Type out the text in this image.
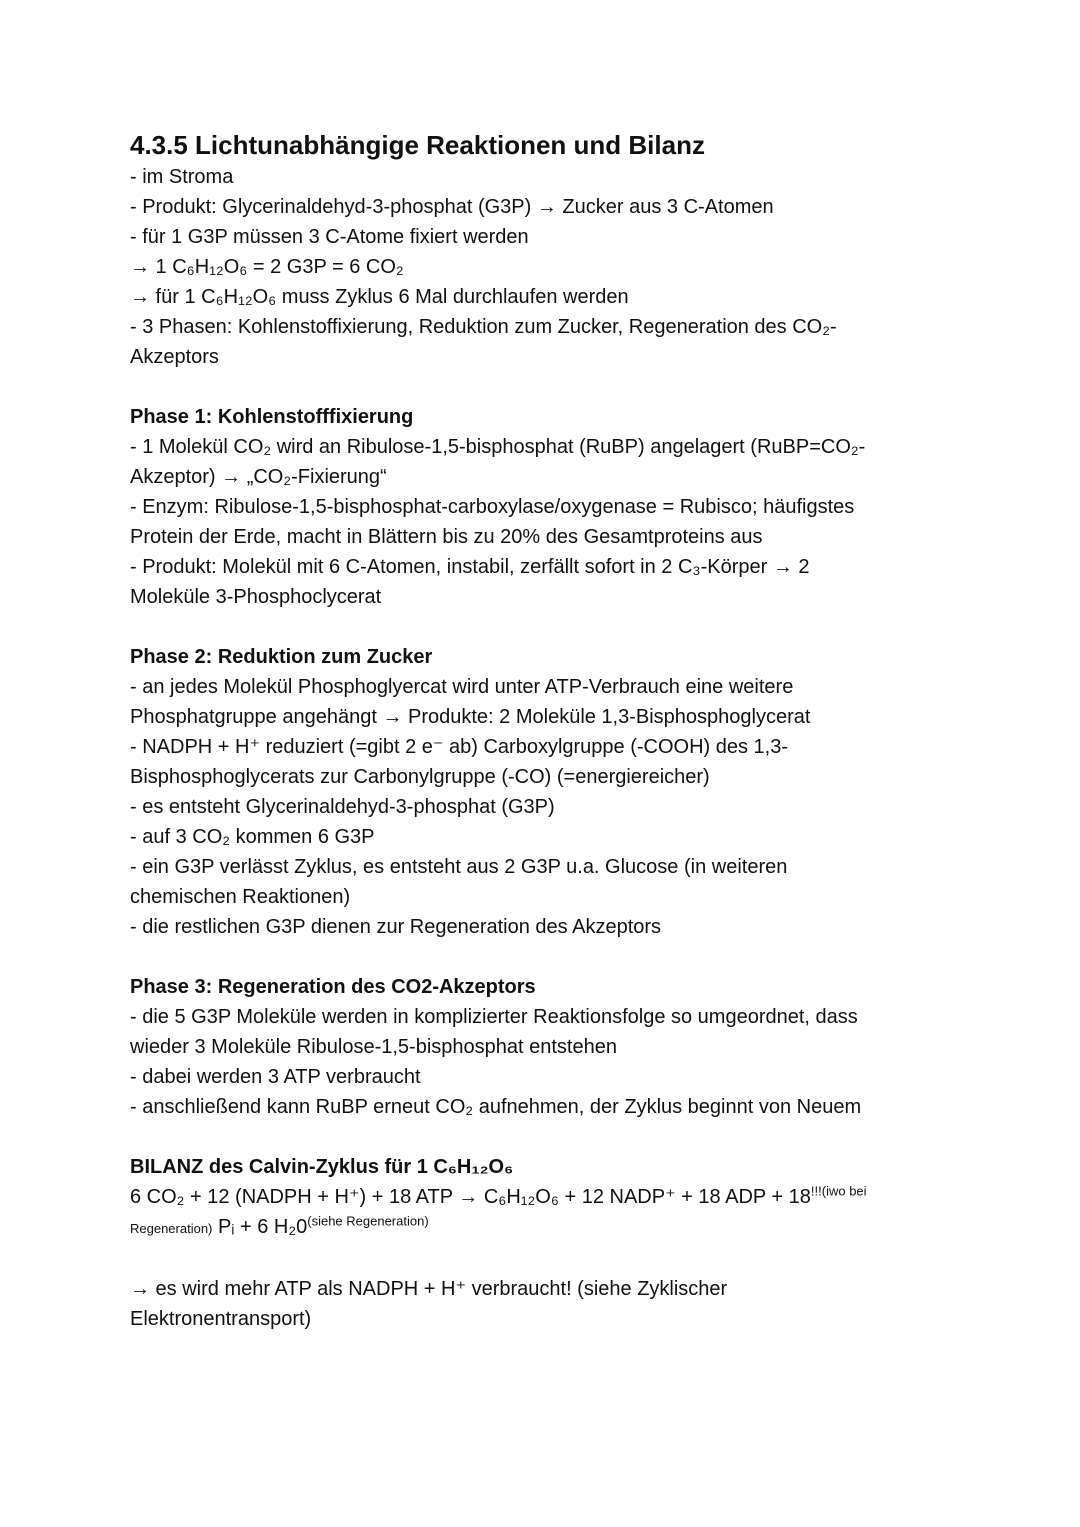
4.3.5 Lichtunabhängige Reaktionen und Bilanz
- im Stroma
- Produkt: Glycerinaldehyd-3-phosphat (G3P) → Zucker aus 3 C-Atomen
- für 1 G3P müssen 3 C-Atome fixiert werden
→ 1 C₆H₁₂O₆ = 2 G3P = 6 CO₂
→ für 1 C₆H₁₂O₆ muss Zyklus 6 Mal durchlaufen werden
- 3 Phasen: Kohlenstoffixierung, Reduktion zum Zucker, Regeneration des CO₂-
Akzeptors
Phase 1: Kohlenstofffixierung
- 1 Molekül CO₂ wird an Ribulose-1,5-bisphosphat (RuBP) angelagert (RuBP=CO₂-
Akzeptor) → „CO₂-Fixierung“
- Enzym: Ribulose-1,5-bisphosphat-carboxylase/oxygenase = Rubisco; häufigstes
Protein der Erde, macht in Blättern bis zu 20% des Gesamtproteins aus
- Produkt: Molekül mit 6 C-Atomen, instabil, zerfällt sofort in 2 C₃-Körper → 2
Moleküle 3-Phosphoclycerat
Phase 2: Reduktion zum Zucker
- an jedes Molekül Phosphoglyercat wird unter ATP-Verbrauch eine weitere
Phosphatgruppe angehängt → Produkte: 2 Moleküle 1,3-Bisphosphoglycerat
- NADPH + H⁺ reduziert (=gibt 2 e⁻ ab) Carboxylgruppe (-COOH) des 1,3-
Bisphosphoglycerats zur Carbonylgruppe (-CO) (=energiereicher)
- es entsteht Glycerinaldehyd-3-phosphat (G3P)
- auf 3 CO₂ kommen 6 G3P
- ein G3P verlässt Zyklus, es entsteht aus 2 G3P u.a. Glucose (in weiteren
chemischen Reaktionen)
- die restlichen G3P dienen zur Regeneration des Akzeptors
Phase 3: Regeneration des CO2-Akzeptors
- die 5 G3P Moleküle werden in komplizierter Reaktionsfolge so umgeordnet, dass
wieder 3 Moleküle Ribulose-1,5-bisphosphat entstehen
- dabei werden 3 ATP verbraucht
- anschließend kann RuBP erneut CO₂ aufnehmen, der Zyklus beginnt von Neuem
BILANZ des Calvin-Zyklus für 1 C₆H₁₂O₆
6 CO₂ + 12 (NADPH + H⁺) + 18 ATP → C₆H₁₂O₆ + 12 NADP⁺ + 18 ADP + $18^{!!!(iwo bei}$
Regeneration) Pᵢ + 6 $H_20^{(siehe Regeneration)}$
→ es wird mehr ATP als NADPH + H⁺ verbraucht! (siehe Zyklischer
Elektronentransport)
